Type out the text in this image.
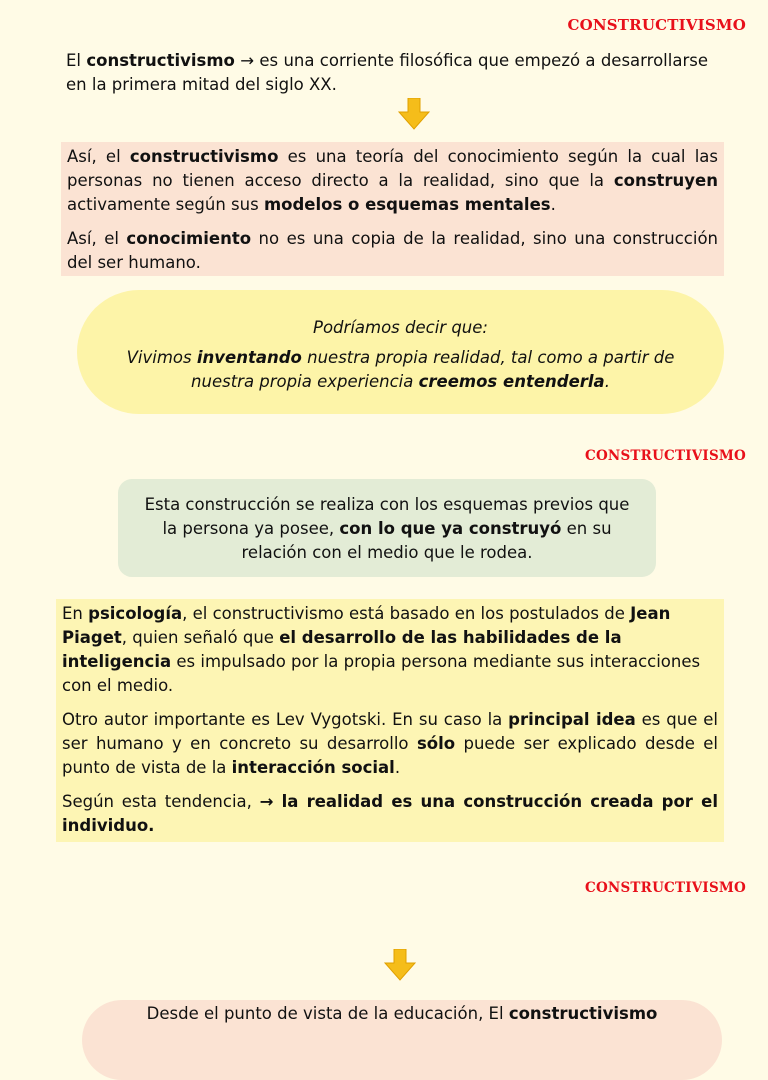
CONSTRUCTIVISMO

El constructivismo → es una corriente filosófica que empezó a desarrollarse en la primera mitad del siglo XX.

Así, el constructivismo es una teoría del conocimiento según la cual las personas no tienen acceso directo a la realidad, sino que la construyen activamente según sus modelos o esquemas mentales.

Así, el conocimiento no es una copia de la realidad, sino una construcción del ser humano.

Podríamos decir que:

Vivimos inventando nuestra propia realidad, tal como a partir de nuestra propia experiencia creemos entenderla.

CONSTRUCTIVISMO

Esta construcción se realiza con los esquemas previos que la persona ya posee, con lo que ya construyó en su relación con el medio que le rodea.

En psicología, el constructivismo está basado en los postulados de Jean Piaget, quien señaló que el desarrollo de las habilidades de la inteligencia es impulsado por la propia persona mediante sus interacciones con el medio.

Otro autor importante es Lev Vygotski. En su caso la principal idea es que el ser humano y en concreto su desarrollo sólo puede ser explicado desde el punto de vista de la interacción social.

Según esta tendencia, → la realidad es una construcción creada por el individuo.

CONSTRUCTIVISMO

Desde el punto de vista de la educación, El constructivismo
